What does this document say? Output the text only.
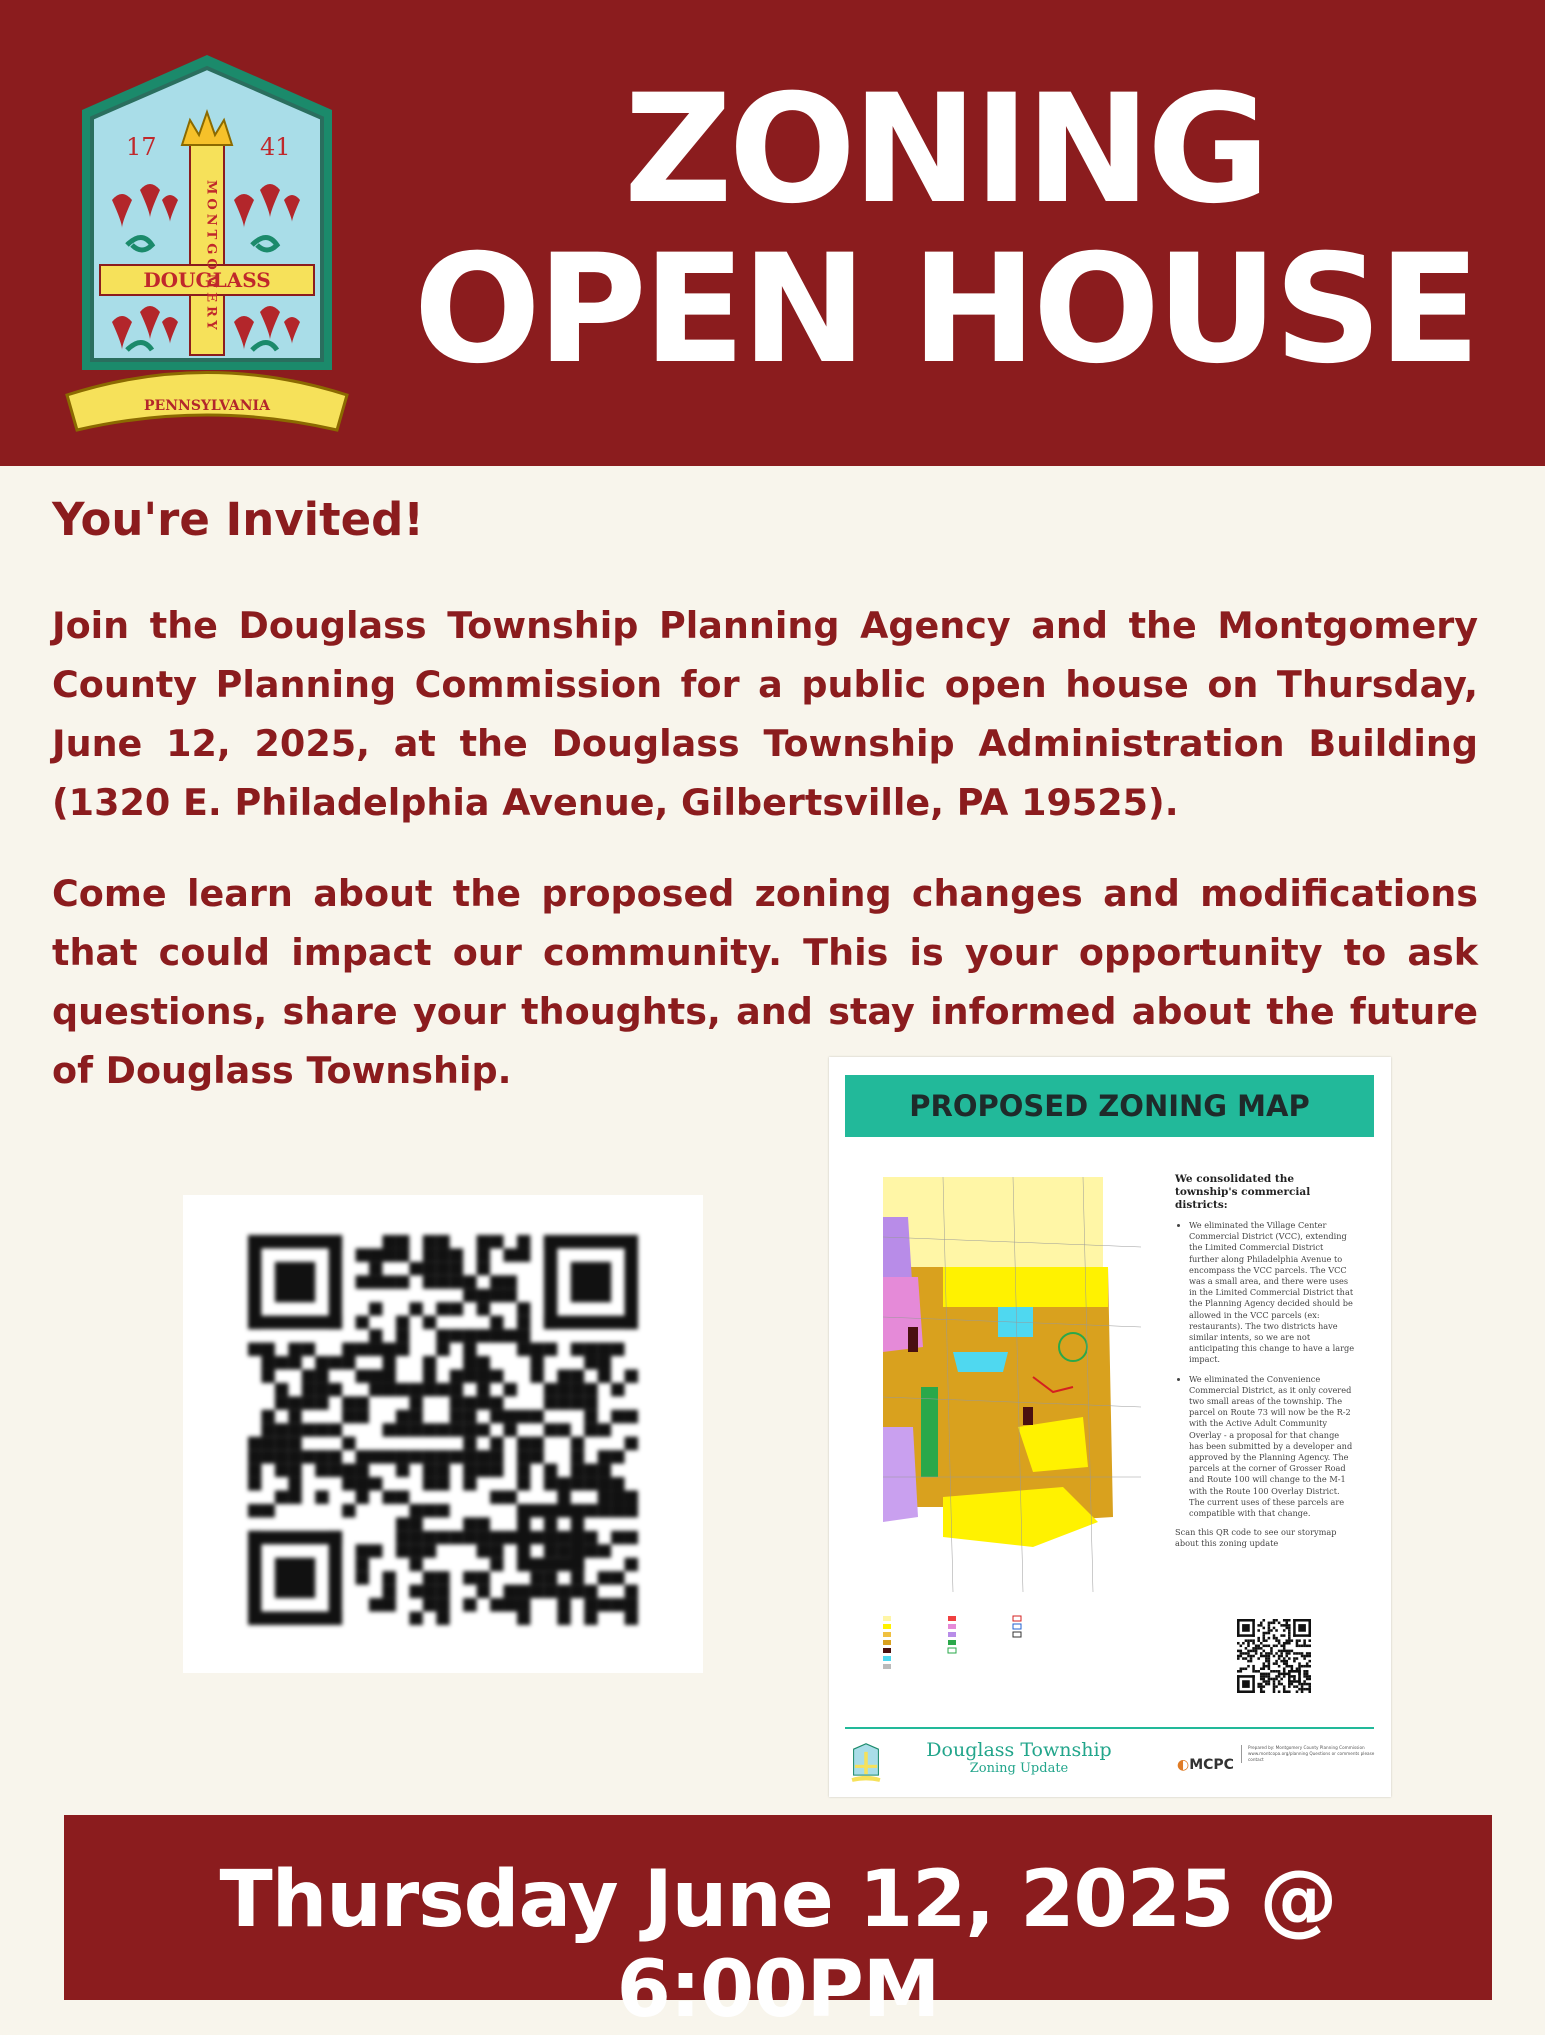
17	41
DOUGLASS
MONTGOMERY
PENNSYLVANIA
ZONING
OPEN HOUSE
You're Invited!
Join the Douglass Township Planning Agency and the Montgomery County Planning Commission for a public open house on Thursday, June 12, 2025, at the Douglass Township Administration Building (1320 E. Philadelphia Avenue, Gilbertsville, PA 19525).
Come learn about the proposed zoning changes and modifications that could impact our community. This is your opportunity to ask questions, share your thoughts, and stay informed about the future of Douglass Township.
PROPOSED ZONING MAP
We consolidated the township's commercial districts:
• We eliminated the Village Center Commercial District (VCC), extending the Limited Commercial District further along Philadelphia Avenue to encompass the VCC parcels. The VCC was a small area, and there were uses in the Limited Commercial District that the Planning Agency decided should be allowed in the VCC parcels (ex: restaurants). The two districts have similar intents, so we are not anticipating this change to have a large impact.
• We eliminated the Convenience Commercial District, as it only covered two small areas of the township. The parcel on Route 73 will now be the R-2 with the Active Adult Community Overlay - a proposal for that change has been submitted by a developer and approved by the Planning Agency. The parcels at the corner of Grosser Road and Route 100 will change to the M-1 with the Route 100 Overlay District. The current uses of these parcels are compatible with that change.
Scan this QR code to see our storymap about this zoning update
Douglass Township
Zoning Update	◐MCPC
Prepared by: Montgomery County Planning Commission www.montcopa.org/planning Questions or comments please contact
Thursday June 12, 2025 @ 6:00PM
